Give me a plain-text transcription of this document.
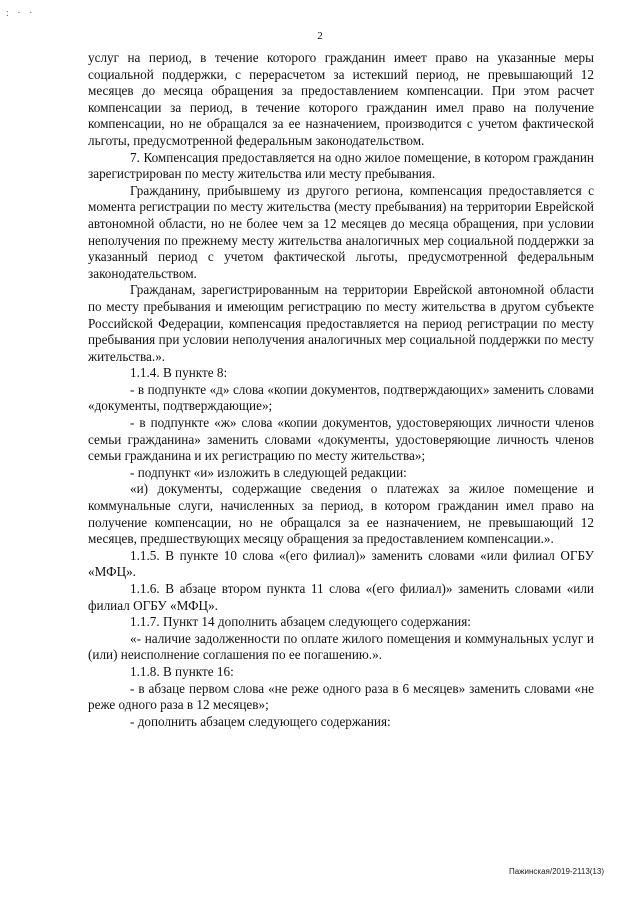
: · ·
2

услуг на период, в течение которого гражданин имеет право на указанные меры социальной поддержки, с перерасчетом за истекший период, не превышающий 12 месяцев до месяца обращения за предоставлением компенсации. При этом расчет компенсации за период, в течение которого гражданин имел право на получение компенсации, но не обращался за ее назначением, производится с учетом фактической льготы, предусмотренной федеральным законодательством.

7. Компенсация предоставляется на одно жилое помещение, в котором гражданин зарегистрирован по месту жительства или месту пребывания.

Гражданину, прибывшему из другого региона, компенсация предоставляется с момента регистрации по месту жительства (месту пребывания) на территории Еврейской автономной области, но не более чем за 12 месяцев до месяца обращения, при условии неполучения по прежнему месту жительства аналогичных мер социальной поддержки за указанный период с учетом фактической льготы, предусмотренной федеральным законодательством.

Гражданам, зарегистрированным на территории Еврейской автономной области по месту пребывания и имеющим регистрацию по месту жительства в другом субъекте Российской Федерации, компенсация предоставляется на период регистрации по месту пребывания при условии неполучения аналогичных мер социальной поддержки по месту жительства.».

1.1.4. В пункте 8:

- в подпункте «д» слова «копии документов, подтверждающих» заменить словами «документы, подтверждающие»;

- в подпункте «ж» слова «копии документов, удостоверяющих личности членов семьи гражданина» заменить словами «документы, удостоверяющие личность членов семьи гражданина и их регистрацию по месту жительства»;

- подпункт «и» изложить в следующей редакции:

«и) документы, содержащие сведения о платежах за жилое помещение и коммунальные слуги, начисленных за период, в котором гражданин имел право на получение компенсации, но не обращался за ее назначением, не превышающий 12 месяцев, предшествующих месяцу обращения за предоставлением компенсации.».

1.1.5. В пункте 10 слова «(его филиал)» заменить словами «или филиал ОГБУ «МФЦ».

1.1.6. В абзаце втором пункта 11 слова «(его филиал)» заменить словами «или филиал ОГБУ «МФЦ».

1.1.7. Пункт 14 дополнить абзацем следующего содержания:

«- наличие задолженности по оплате жилого помещения и коммунальных услуг и (или) неисполнение соглашения по ее погашению.».

1.1.8. В пункте 16:

- в абзаце первом слова «не реже одного раза в 6 месяцев» заменить словами «не реже одного раза в 12 месяцев»;

- дополнить абзацем следующего содержания:

Пажинская/2019-2113(13)
